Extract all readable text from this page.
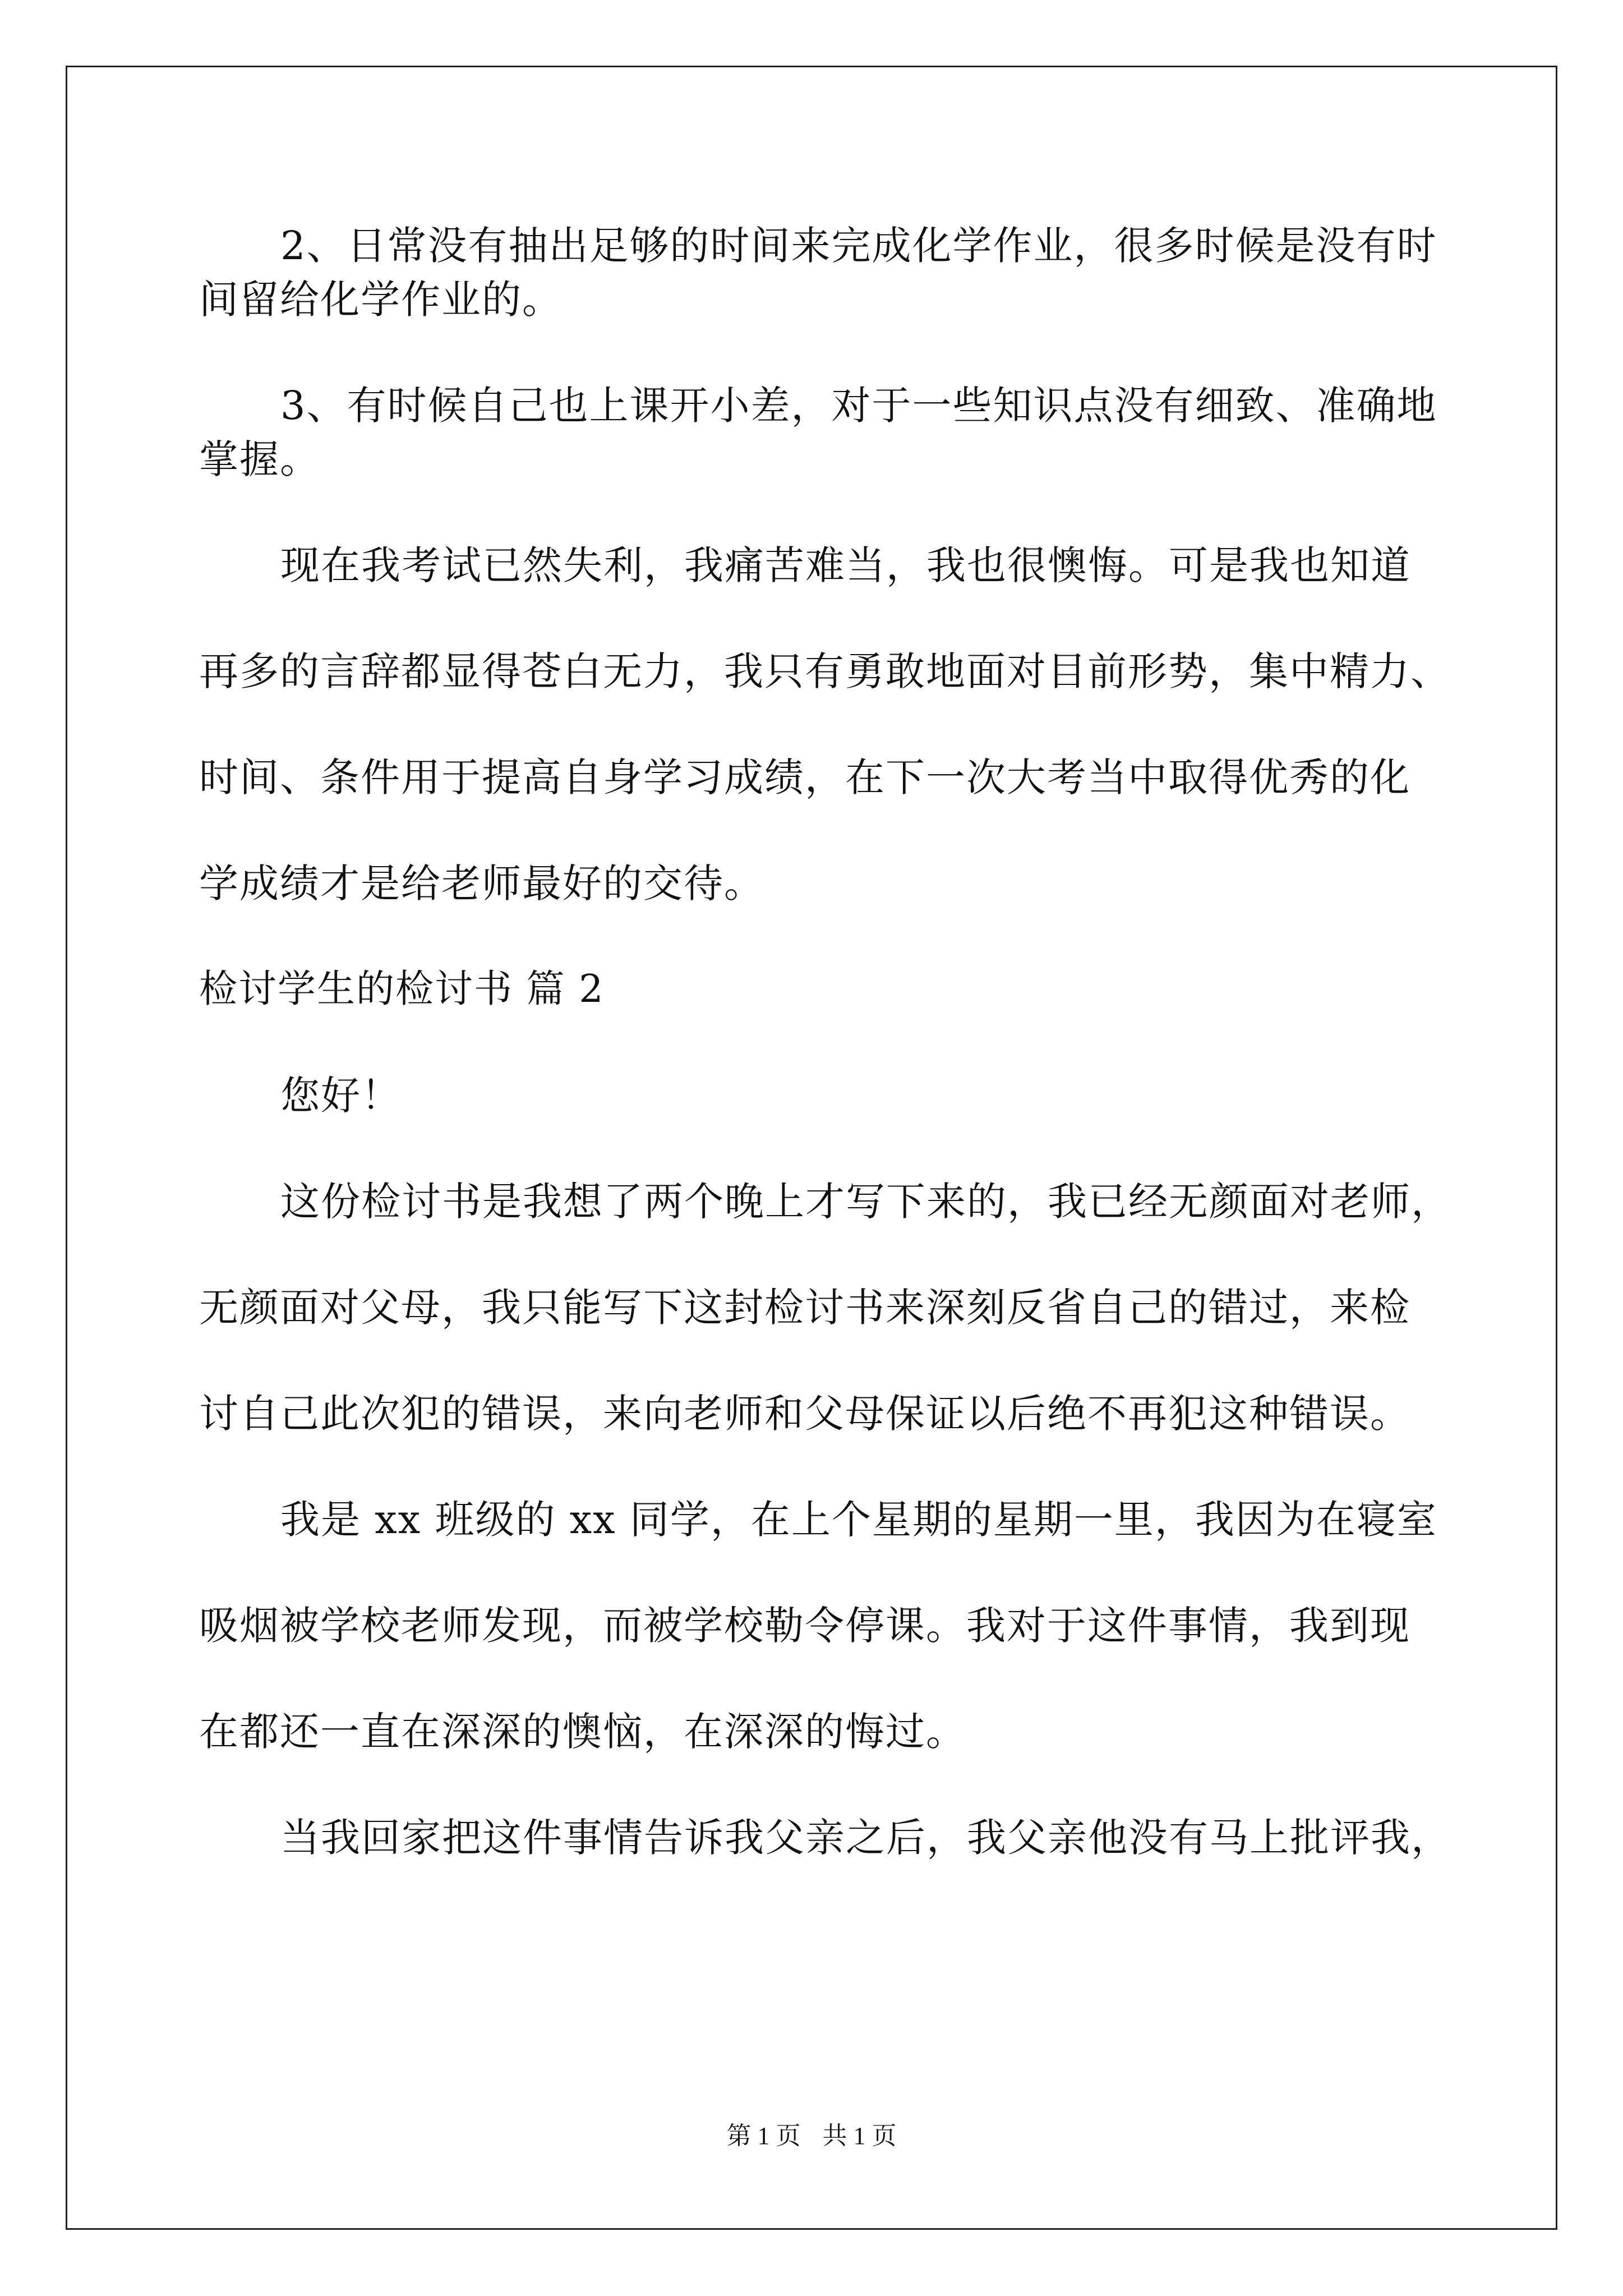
2、日常没有抽出足够的时间来完成化学作业，很多时候是没有时
间留给化学作业的。
3、有时候自己也上课开小差，对于一些知识点没有细致、准确地
掌握。
现在我考试已然失利，我痛苦难当，我也很懊悔。可是我也知道
再多的言辞都显得苍白无力，我只有勇敢地面对目前形势，集中精力、
时间、条件用于提高自身学习成绩，在下一次大考当中取得优秀的化
学成绩才是给老师最好的交待。
检讨学生的检讨书 篇 2
您好！
这份检讨书是我想了两个晚上才写下来的，我已经无颜面对老师，
无颜面对父母，我只能写下这封检讨书来深刻反省自己的错过，来检
讨自己此次犯的错误，来向老师和父母保证以后绝不再犯这种错误。
我是 xx 班级的 xx 同学，在上个星期的星期一里，我因为在寝室
吸烟被学校老师发现，而被学校勒令停课。我对于这件事情，我到现
在都还一直在深深的懊恼，在深深的悔过。
当我回家把这件事情告诉我父亲之后，我父亲他没有马上批评我，
第 1 页 共 1 页
